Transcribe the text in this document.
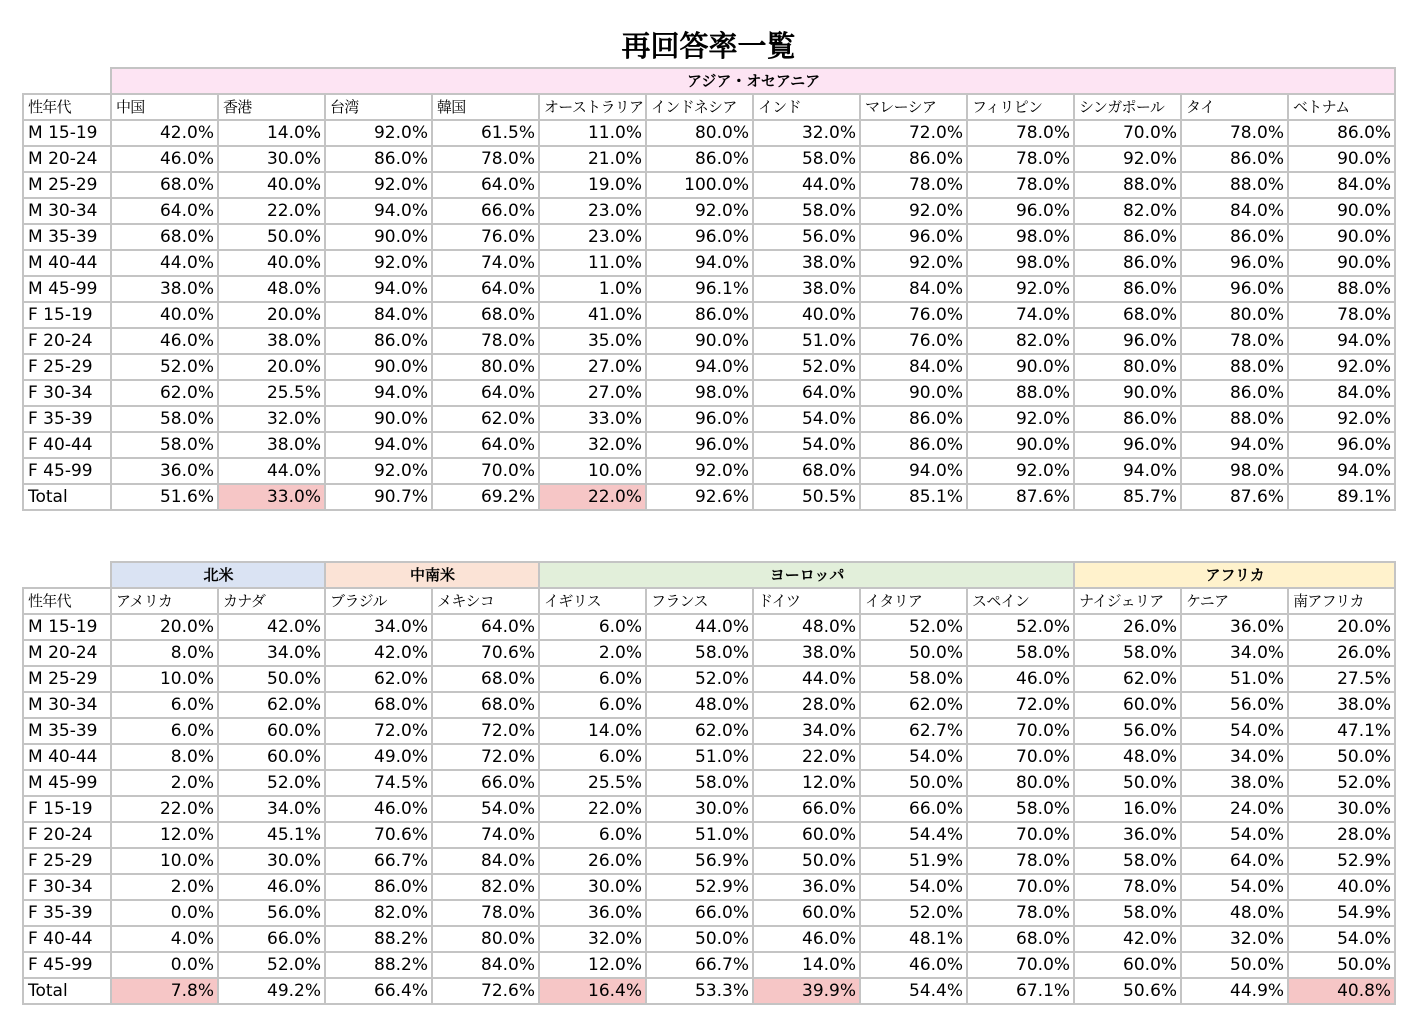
再回答率一覧
	アジア・オセアニア											
性年代	中国	香港	台湾	韓国	オーストラリア	インドネシア	インド	マレーシア	フィリピン	シンガポール	タイ	ベトナム
M 15-19	42.0%	14.0%	92.0%	61.5%	11.0%	80.0%	32.0%	72.0%	78.0%	70.0%	78.0%	86.0%
M 20-24	46.0%	30.0%	86.0%	78.0%	21.0%	86.0%	58.0%	86.0%	78.0%	92.0%	86.0%	90.0%
M 25-29	68.0%	40.0%	92.0%	64.0%	19.0%	100.0%	44.0%	78.0%	78.0%	88.0%	88.0%	84.0%
M 30-34	64.0%	22.0%	94.0%	66.0%	23.0%	92.0%	58.0%	92.0%	96.0%	82.0%	84.0%	90.0%
M 35-39	68.0%	50.0%	90.0%	76.0%	23.0%	96.0%	56.0%	96.0%	98.0%	86.0%	86.0%	90.0%
M 40-44	44.0%	40.0%	92.0%	74.0%	11.0%	94.0%	38.0%	92.0%	98.0%	86.0%	96.0%	90.0%
M 45-99	38.0%	48.0%	94.0%	64.0%	1.0%	96.1%	38.0%	84.0%	92.0%	86.0%	96.0%	88.0%
F 15-19	40.0%	20.0%	84.0%	68.0%	41.0%	86.0%	40.0%	76.0%	74.0%	68.0%	80.0%	78.0%
F 20-24	46.0%	38.0%	86.0%	78.0%	35.0%	90.0%	51.0%	76.0%	82.0%	96.0%	78.0%	94.0%
F 25-29	52.0%	20.0%	90.0%	80.0%	27.0%	94.0%	52.0%	84.0%	90.0%	80.0%	88.0%	92.0%
F 30-34	62.0%	25.5%	94.0%	64.0%	27.0%	98.0%	64.0%	90.0%	88.0%	90.0%	86.0%	84.0%
F 35-39	58.0%	32.0%	90.0%	62.0%	33.0%	96.0%	54.0%	86.0%	92.0%	86.0%	88.0%	92.0%
F 40-44	58.0%	38.0%	94.0%	64.0%	32.0%	96.0%	54.0%	86.0%	90.0%	96.0%	94.0%	96.0%
F 45-99	36.0%	44.0%	92.0%	70.0%	10.0%	92.0%	68.0%	94.0%	92.0%	94.0%	98.0%	94.0%
Total	51.6%	33.0%	90.7%	69.2%	22.0%	92.6%	50.5%	85.1%	87.6%	85.7%	87.6%	89.1%
	北米		中南米		ヨーロッパ					アフリカ		
性年代	アメリカ	カナダ	ブラジル	メキシコ	イギリス	フランス	ドイツ	イタリア	スペイン	ナイジェリア	ケニア	南アフリカ
M 15-19	20.0%	42.0%	34.0%	64.0%	6.0%	44.0%	48.0%	52.0%	52.0%	26.0%	36.0%	20.0%
M 20-24	8.0%	34.0%	42.0%	70.6%	2.0%	58.0%	38.0%	50.0%	58.0%	58.0%	34.0%	26.0%
M 25-29	10.0%	50.0%	62.0%	68.0%	6.0%	52.0%	44.0%	58.0%	46.0%	62.0%	51.0%	27.5%
M 30-34	6.0%	62.0%	68.0%	68.0%	6.0%	48.0%	28.0%	62.0%	72.0%	60.0%	56.0%	38.0%
M 35-39	6.0%	60.0%	72.0%	72.0%	14.0%	62.0%	34.0%	62.7%	70.0%	56.0%	54.0%	47.1%
M 40-44	8.0%	60.0%	49.0%	72.0%	6.0%	51.0%	22.0%	54.0%	70.0%	48.0%	34.0%	50.0%
M 45-99	2.0%	52.0%	74.5%	66.0%	25.5%	58.0%	12.0%	50.0%	80.0%	50.0%	38.0%	52.0%
F 15-19	22.0%	34.0%	46.0%	54.0%	22.0%	30.0%	66.0%	66.0%	58.0%	16.0%	24.0%	30.0%
F 20-24	12.0%	45.1%	70.6%	74.0%	6.0%	51.0%	60.0%	54.4%	70.0%	36.0%	54.0%	28.0%
F 25-29	10.0%	30.0%	66.7%	84.0%	26.0%	56.9%	50.0%	51.9%	78.0%	58.0%	64.0%	52.9%
F 30-34	2.0%	46.0%	86.0%	82.0%	30.0%	52.9%	36.0%	54.0%	70.0%	78.0%	54.0%	40.0%
F 35-39	0.0%	56.0%	82.0%	78.0%	36.0%	66.0%	60.0%	52.0%	78.0%	58.0%	48.0%	54.9%
F 40-44	4.0%	66.0%	88.2%	80.0%	32.0%	50.0%	46.0%	48.1%	68.0%	42.0%	32.0%	54.0%
F 45-99	0.0%	52.0%	88.2%	84.0%	12.0%	66.7%	14.0%	46.0%	70.0%	60.0%	50.0%	50.0%
Total	7.8%	49.2%	66.4%	72.6%	16.4%	53.3%	39.9%	54.4%	67.1%	50.6%	44.9%	40.8%
